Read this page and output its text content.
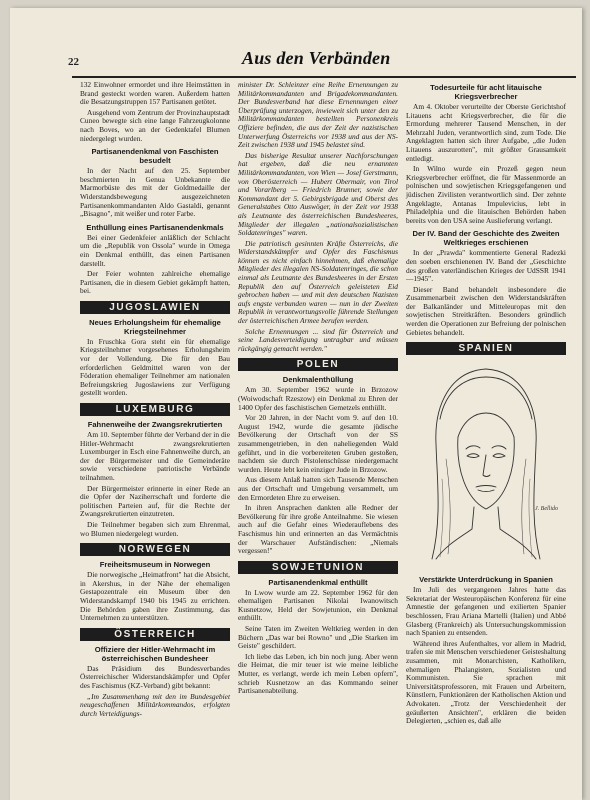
22	Aus den Verbänden

132 Einwohner ermordet und ihre Heimstätten in Brand gesteckt worden waren. Außerdem hatten die Besatzungstruppen 157 Partisanen getötet.

Ausgehend vom Zentrum der Provinzhauptstadt Cuneo bewegte sich eine lange Fahrzeugkolonne nach Boves, wo an der Gedenktafel Blumen niedergelegt wurden.

Partisanendenkmal von Faschisten besudelt

In der Nacht auf den 25. September beschmierten in Genua Unbekannte die Marmorbüste des mit der Goldmedaille der Widerstandsbewegung ausgezeichneten Partisanenkommandanten Aldo Gastaldi, genannt „Bisagno", mit weißer und roter Farbe.

Enthüllung eines Partisanendenkmals

Bei einer Gedenkfeier anläßlich der Schlacht um die „Republik von Ossola" wurde in Omega ein Denkmal enthüllt, das einen Partisanen darstellt.

Der Feier wohnten zahlreiche ehemalige Partisanen, die in diesem Gebiet gekämpft hatten, bei.

JUGOSLAWIEN
Neues Erholungsheim für ehemalige Kriegsteilnehmer

In Fruschka Gora steht ein für ehemalige Kriegsteilnehmer vorgesehenes Erholungsheim vor der Vollendung. Die für den Bau erforderlichen Geldmittel waren von der Föderation ehemaliger Teilnehmer am nationalen Befreiungskrieg Jugoslawiens zur Verfügung gestellt worden.

LUXEMBURG
Fahnenweihe der Zwangsrekrutierten

Am 10. September führte der Verband der in die Hitler-Wehrmacht zwangsrekrutierten Luxemburger in Esch eine Fahnenweihe durch, an der der Bürgermeister und die Gemeinderäte sowie verschiedene patriotische Verbände teilnahmen.

Der Bürgermeister erinnerte in einer Rede an die Opfer der Naziherrschaft und forderte die politischen Parteien auf, für die Rechte der Zwangsrekrutierten einzutreten.

Die Teilnehmer begaben sich zum Ehrenmal, wo Blumen niedergelegt wurden.

NORWEGEN
Freiheitsmuseum in Norwegen

Die norwegische „Heimatfront" hat die Absicht, in Akershus, in der Nähe der ehemaligen Gestapozentrale ein Museum über den Widerstandskampf 1940 bis 1945 zu errichten. Die Behörden gaben ihre Zustimmung, das Unternehmen zu unterstützen.

ÖSTERREICH
Offiziere der Hitler-Wehrmacht im österreichischen Bundesheer

Das Präsidium des Bundesverbandes Österreichischer Widerstandskämpfer und Opfer des Faschismus (KZ-Verband) gibt bekannt:

„Im Zusammenhang mit den im Bundesgebiet neugeschaffenen Militärkommandos, erfolgten durch Verteidigungs-

minister Dr. Schleinzer eine Reihe Ernennungen zu Militärkommandanten und Brigadekommandanten. Der Bundesverband hat diese Ernennungen einer Überprüfung unterzogen, inwieweit sich unter den zu Militärkommandanten bestellten Personenkreis Offiziere befinden, die aus der Zeit der nazistischen Unterwerfung Österreichs vor 1938 und aus der NS-Zeit zwischen 1938 und 1945 belastet sind.

Das bisherige Resultat unserer Nachforschungen hat ergeben, daß die neu ernannten Militärkommandanten, von Wien — Josef Gerstmann, von Oberösterreich — Hubert Obermair, von Tirol und Vorarlberg — Friedrich Brunner, sowie der Kommandant der 5. Gebirgsbrigade und Oberst des Generalstabes Otto Auswöger, in der Zeit vor 1938 als Leutnante des österreichischen Bundesheeres, Mitglieder der illegalen „nationalsozialistischen Soldatenringes" waren.

Die patriotisch gesinnten Kräfte Österreichs, die Widerstandskämpfer und Opfer des Faschismus können es nicht einfach hinnehmen, daß ehemalige Mitglieder des illegalen NS-Soldatenringes, die schon einmal als Leutnante des Bundesheeres in der Ersten Republik den auf Österreich geleisteten Eid gebrochen haben — und mit den deutschen Nazisten aufs engste verbunden waren — nun in der Zweiten Republik in verantwortungsvolle führende Stellungen der österreichischen Armee berufen werden.

Solche Ernennungen ... sind für Österreich und seine Landesverteidigung untragbar und müssen rückgängig gemacht werden."

POLEN
Denkmalenthüllung

Am 30. September 1962 wurde in Brzozow (Woiwodschaft Rzeszow) ein Denkmal zu Ehren der 1400 Opfer des faschistischen Gemetzels enthüllt.

Vor 20 Jahren, in der Nacht vom 9. auf den 10. August 1942, wurde die gesamte jüdische Bevölkerung der Ortschaft von der SS zusammengetrieben, in den naheliegenden Wald geführt, und in die vorbereiteten Gruben gestoßen, nachdem sie durch Pistolenschüsse niedergemacht wurden. Heute lebt kein einziger Jude in Brzozow.

Aus diesem Anlaß hatten sich Tausende Menschen aus der Ortschaft und Umgebung versammelt, um den Ermordeten Ehre zu erweisen.

In ihren Ansprachen dankten alle Redner der Bevölkerung für ihre große Anteilnahme. Sie wiesen auch auf die Gefahr eines Wiederauflebens des Faschismus hin und erinnerten an das Vermächtnis der Warschauer Aufständischen: „Niemals vergessen!"

SOWJETUNION
Partisanendenkmal enthüllt

In Lwow wurde am 22. September 1962 für den ehemaligen Partisanen Nikolai Iwanowitsch Kusnetzow, Held der Sowjetunion, ein Denkmal enthüllt.

Seine Taten im Zweiten Weltkrieg werden in den Büchern „Das war bei Rowno" und „Die Starken im Geiste" geschildert.

Ich liebe das Leben, ich bin noch jung. Aber wenn die Heimat, die mir teuer ist wie meine leibliche Mutter, es verlangt, werde ich mein Leben opfern", schrieb Kusnetzow an das Kommando seiner Partisanenabteilung.

Todesurteile für acht litauische Kriegsverbrecher

Am 4. Oktober verurteilte der Oberste Gerichtshof Litauens acht Kriegsverbrecher, die für die Ermordung mehrerer Tausend Menschen, in der Mehrzahl Juden, verantwortlich sind, zum Tode. Die Angeklagten hatten sich ihrer Aufgabe, „die Juden Litauens auszurotten", mit größter Grausamkeit entledigt.

In Wilno wurde ein Prozeß gegen neun Kriegsverbrecher eröffnet, die für Massenmorde an polnischen und sowjetischen Kriegsgefangenen und jüdischen Zivilisten verantwortlich sind. Der zehnte Angeklagte, Antanas Impulevicius, lebt in Philadelphia und die litauischen Behörden haben bereits von den USA seine Auslieferung verlangt.

Der IV. Band der Geschichte des Zweiten Weltkrieges erschienen

In der „Prawda" kommentierte General Radezki den soeben erschienenen IV. Band der „Geschichte des großen vaterländischen Krieges der UdSSR 1941—1945".

Dieser Band behandelt insbesondere die Zusammenarbeit zwischen den Widerstandskräften der Balkanländer und Mitteleuropas mit den sowjetischen Streitkräften. Besonders gründlich werden die Operationen zur Befreiung der polnischen Gebietes behandelt.

SPANIEN
J. Bellido
Verstärkte Unterdrückung in Spanien

Im Juli des vergangenen Jahres hatte das Sekretariat der Westeuropäischen Konferenz für eine Amnestie der gefangenen und exilierten Spanier beschlossen, Frau Ariana Martelli (Italien) und Abbé Glasberg (Frankreich) als Untersuchungskommission nach Spanien zu entsenden.

Während ihres Aufenthaltes, vor allem in Madrid, trafen sie mit Menschen verschiedener Geisteshaltung zusammen, mit Monarchisten, Katholiken, ehemaligen Phalangisten, Sozialisten und Kommunisten. Sie sprachen mit Universitätsprofessoren, mit Frauen und Arbeitern, Künstlern, Funktionären der Katholischen Aktion und Advokaten. „Trotz der Verschiedenheit der geäußerten Ansichten", erklären die beiden Delegierten, „schien es, daß alle
